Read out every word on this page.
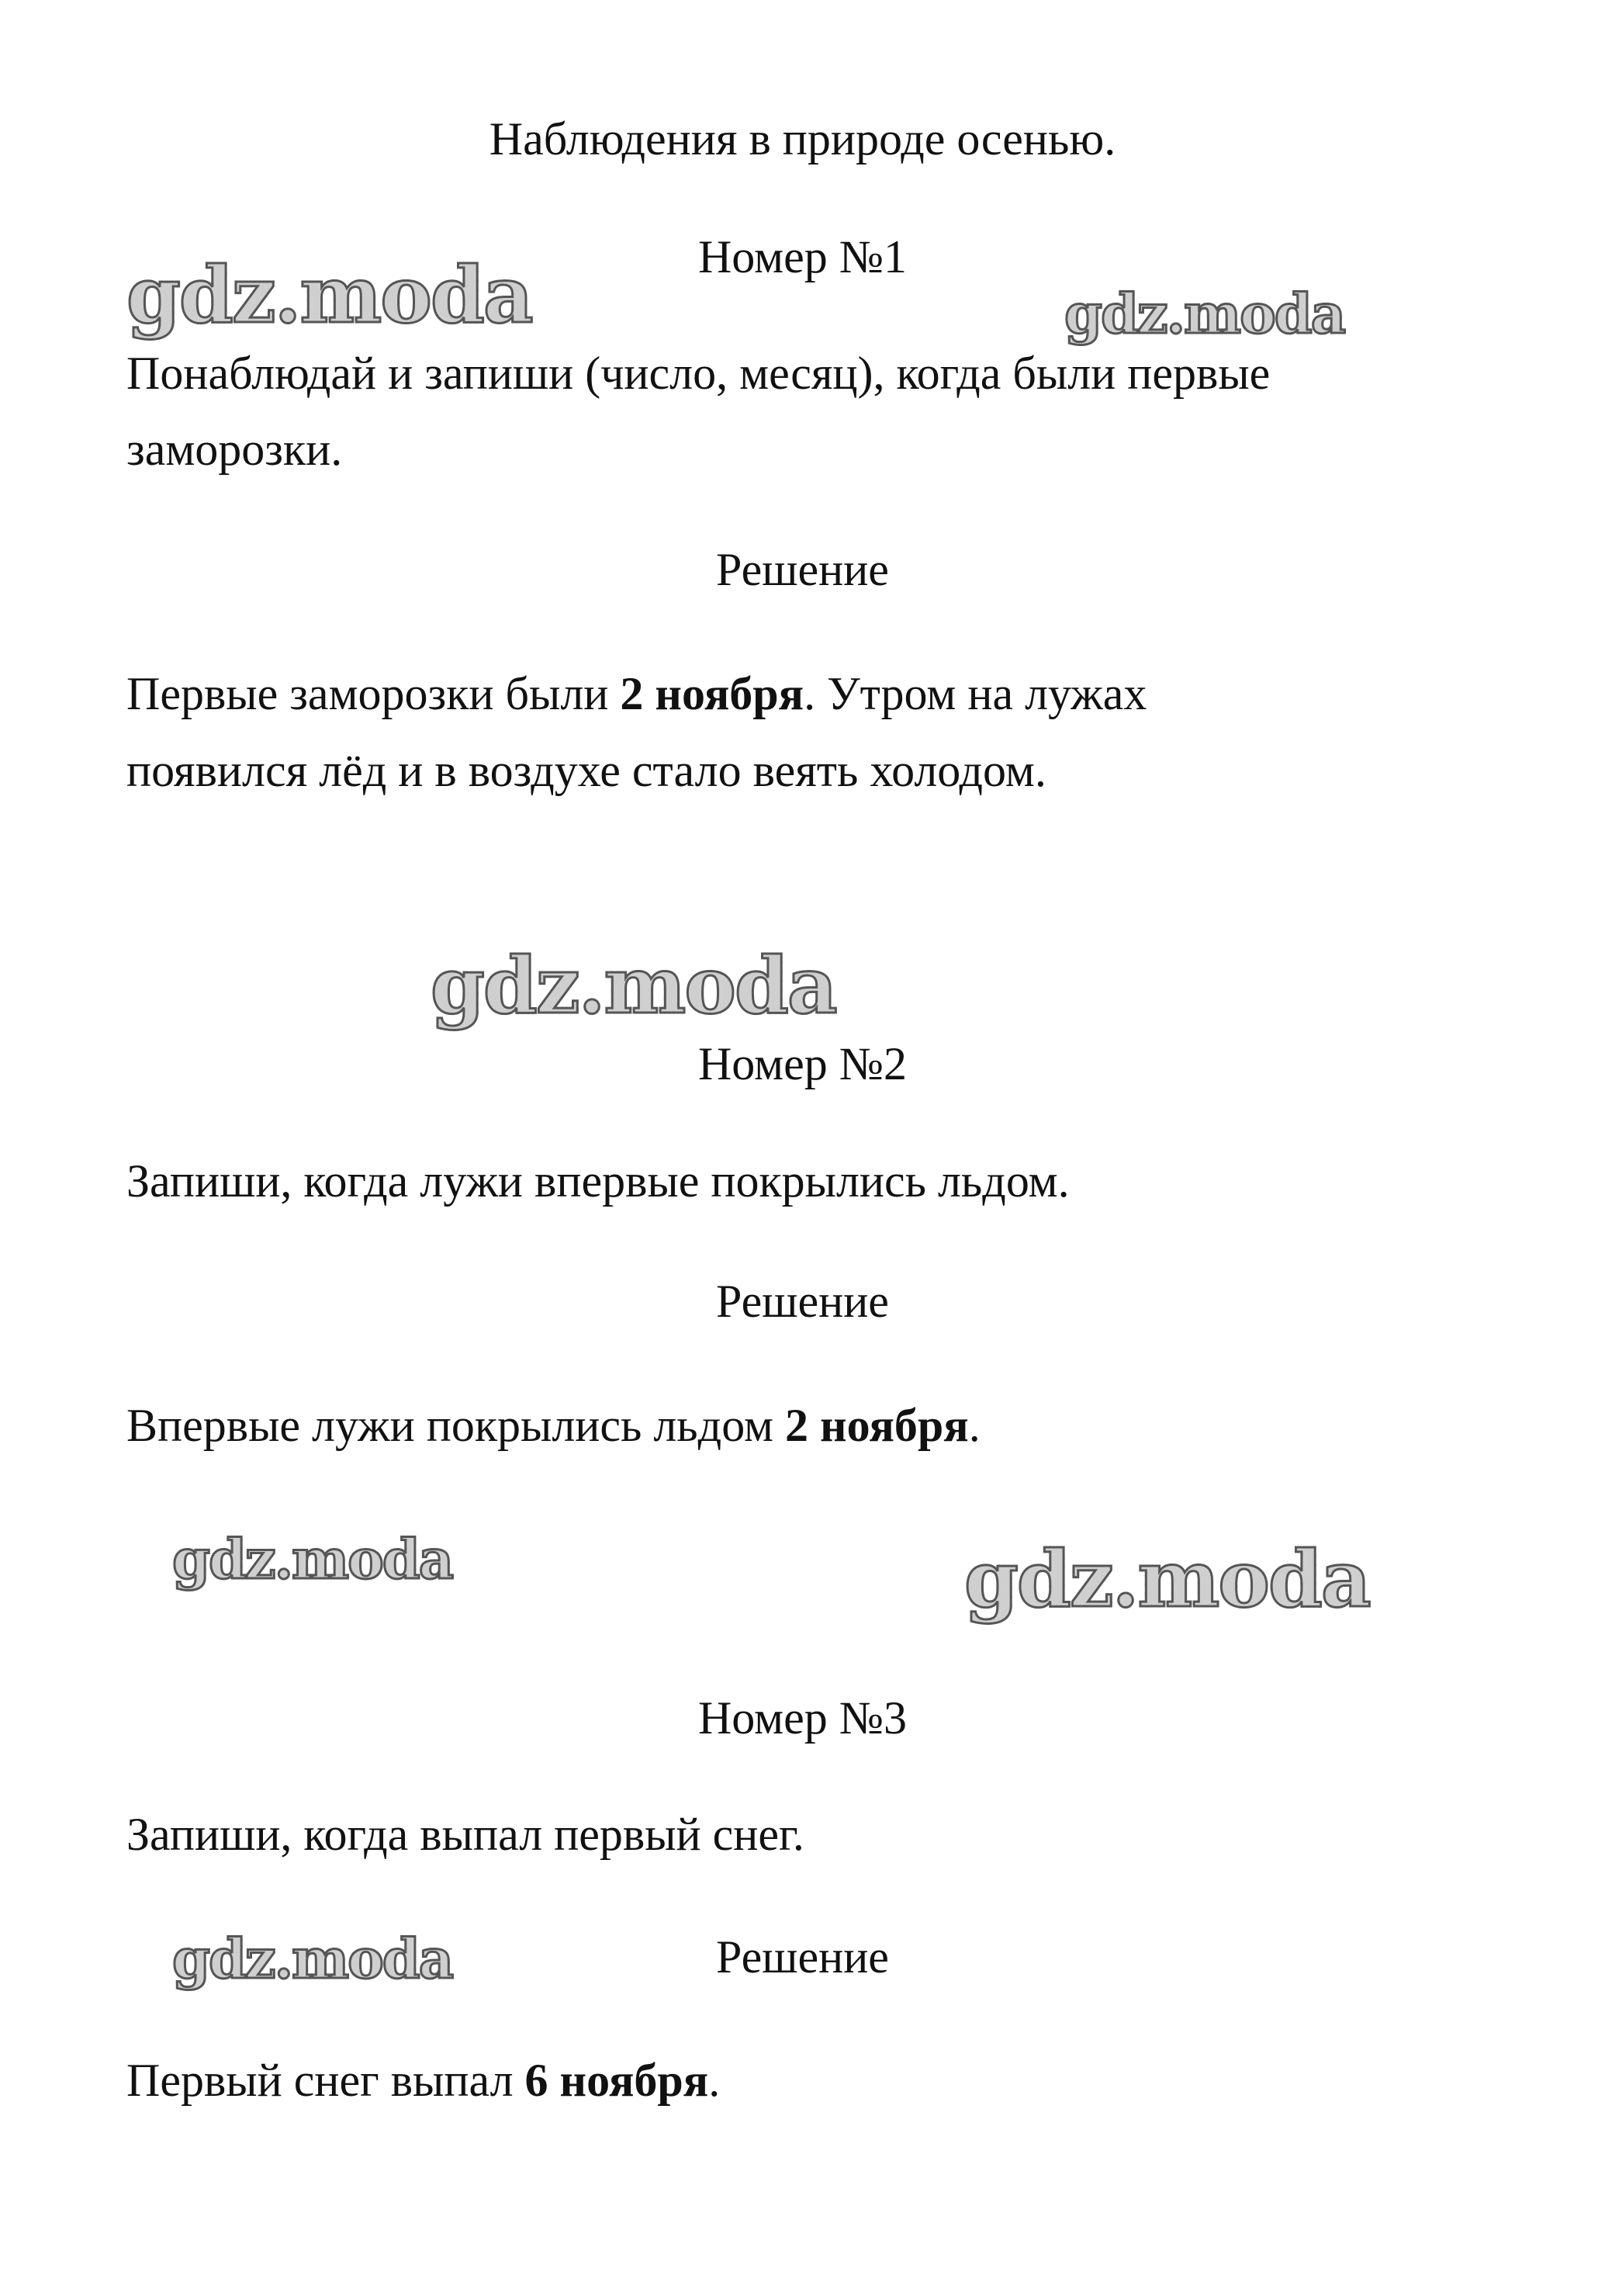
gdz.moda	gdz.moda
gdz.moda
gdz.moda	gdz.moda
gdz.moda

Наблюдения в природе осенью.

Номер №1

Понаблюдай и запиши (число, месяц), когда были первые

заморозки.

Решение

Первые заморозки были 2 ноября. Утром на лужах

появился лёд и в воздухе стало веять холодом.

Номер №2

Запиши, когда лужи впервые покрылись льдом.

Решение

Впервые лужи покрылись льдом 2 ноября.

Номер №3

Запиши, когда выпал первый снег.

Решение

Первый снег выпал 6 ноября.
